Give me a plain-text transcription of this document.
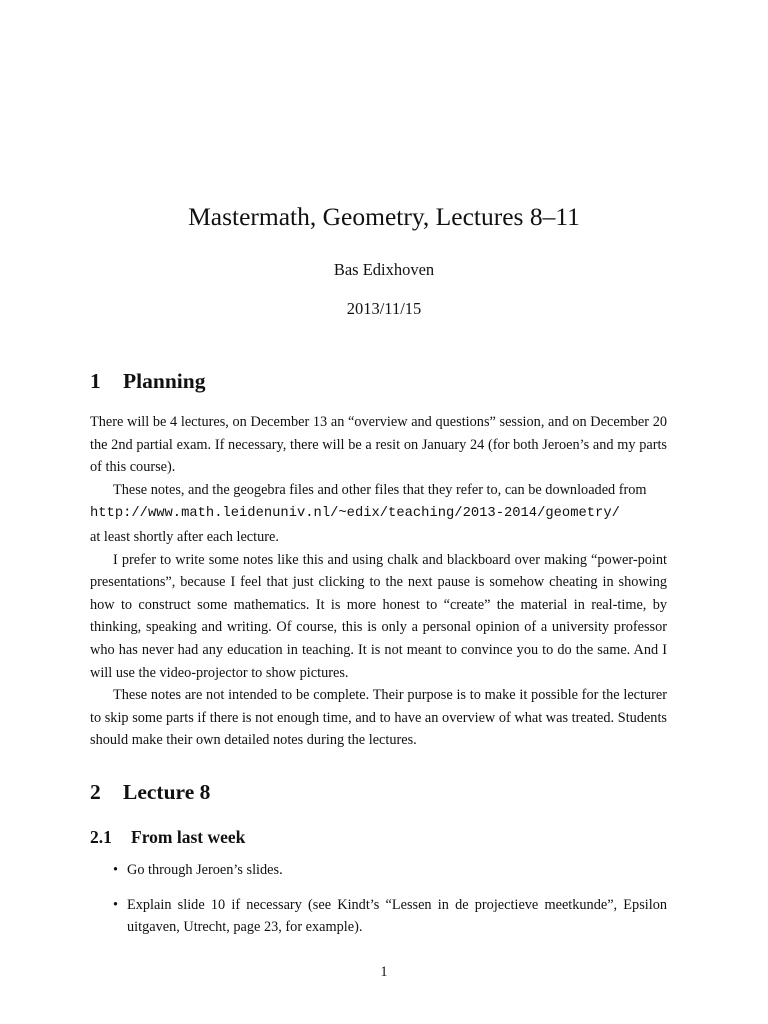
Mastermath, Geometry, Lectures 8–11
Bas Edixhoven
2013/11/15
1 Planning

There will be 4 lectures, on December 13 an “overview and questions” session, and on December 20 the 2nd partial exam. If necessary, there will be a resit on January 24 (for both Jeroen’s and my parts of this course).

These notes, and the geogebra files and other files that they refer to, can be downloaded from
http://www.math.leidenuniv.nl/~edix/teaching/2013-2014/geometry/
at least shortly after each lecture.

I prefer to write some notes like this and using chalk and blackboard over making “power-point presentations”, because I feel that just clicking to the next pause is somehow cheating in showing how to construct some mathematics. It is more honest to “create” the material in real-time, by thinking, speaking and writing. Of course, this is only a personal opinion of a university professor who has never had any education in teaching. It is not meant to convince you to do the same. And I will use the video-projector to show pictures.

These notes are not intended to be complete. Their purpose is to make it possible for the lecturer to skip some parts if there is not enough time, and to have an overview of what was treated. Students should make their own detailed notes during the lectures.

2 Lecture 8
2.1 From last week
• Go through Jeroen’s slides.
• Explain slide 10 if necessary (see Kindt’s “Lessen in de projectieve meetkunde”, Epsilon uitgaven, Utrecht, page 23, for example).
1
